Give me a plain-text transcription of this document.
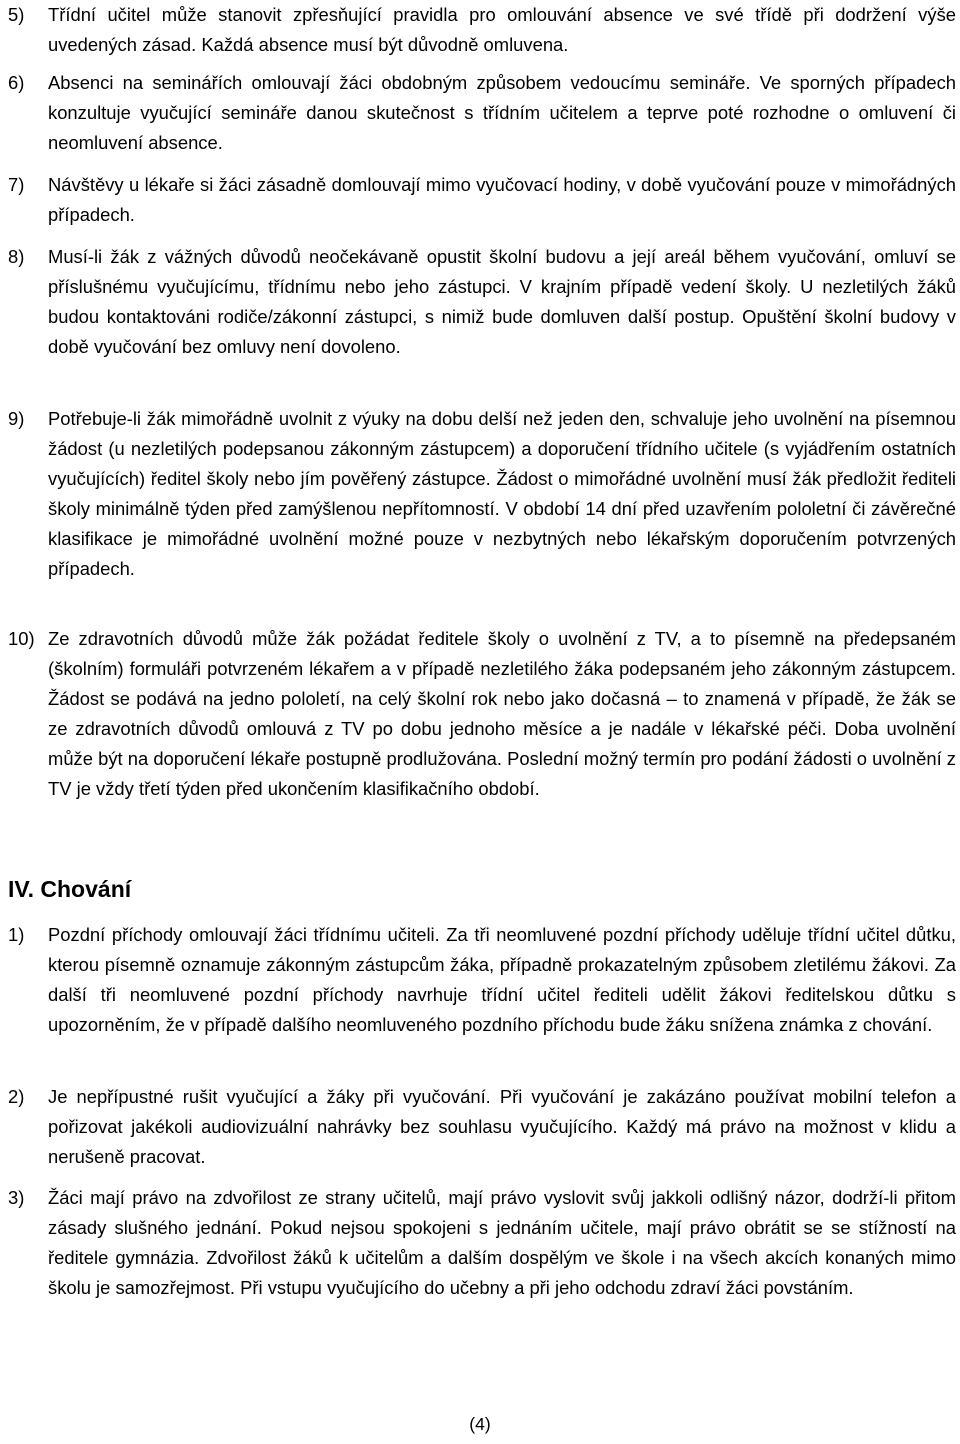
5)	Třídní učitel může stanovit zpřesňující pravidla pro omlouvání absence ve své třídě při dodržení výše uvedených zásad. Každá absence musí být důvodně omluvena.
6)	Absenci na seminářích omlouvají žáci obdobným způsobem vedoucímu semináře. Ve sporných případech konzultuje vyučující semináře danou skutečnost s třídním učitelem a teprve poté rozhodne o omluvení či neomluvení absence.
7)	Návštěvy u lékaře si žáci zásadně domlouvají mimo vyučovací hodiny, v době vyučování pouze v mimořádných případech.
8)	Musí-li žák z vážných důvodů neočekávaně opustit školní budovu a její areál během vyučování, omluví se příslušnému vyučujícímu, třídnímu nebo jeho zástupci. V krajním případě vedení školy. U nezletilých žáků budou kontaktováni rodiče/zákonní zástupci, s nimiž bude domluven další postup. Opuštění školní budovy v době vyučování bez omluvy není dovoleno.
9)	Potřebuje-li žák mimořádně uvolnit z výuky na dobu delší než jeden den, schvaluje jeho uvolnění na písemnou žádost (u nezletilých podepsanou zákonným zástupcem) a doporučení třídního učitele (s vyjádřením ostatních vyučujících) ředitel školy nebo jím pověřený zástupce. Žádost o mimořádné uvolnění musí žák předložit řediteli školy minimálně týden před zamýšlenou nepřítomností. V období 14 dní před uzavřením pololetní či závěrečné klasifikace je mimořádné uvolnění možné pouze v nezbytných nebo lékařským doporučením potvrzených případech.
10) Ze zdravotních důvodů může žák požádat ředitele školy o uvolnění z TV, a to písemně na předepsaném (školním) formuláři potvrzeném lékařem a v případě nezletilého žáka podepsaném jeho zákonným zástupcem. Žádost se podává na jedno pololetí, na celý školní rok nebo jako dočasná – to znamená v případě, že žák se ze zdravotních důvodů omlouvá z TV po dobu jednoho měsíce a je nadále v lékařské péči. Doba uvolnění může být na doporučení lékaře postupně prodlužována. Poslední možný termín pro podání žádosti o uvolnění z TV je vždy třetí týden před ukončením klasifikačního období.
IV. Chování
1)	Pozdní příchody omlouvají žáci třídnímu učiteli. Za tři neomluvené pozdní příchody uděluje třídní učitel důtku, kterou písemně oznamuje zákonným zástupcům žáka, případně prokazatelným způsobem zletilému žákovi. Za další tři neomluvené pozdní příchody navrhuje třídní učitel řediteli udělit žákovi ředitelskou důtku s upozorněním, že v případě dalšího neomluveného pozdního příchodu bude žáku snížena známka z chování.
2)	Je nepřípustné rušit vyučující a žáky při vyučování. Při vyučování je zakázáno používat mobilní telefon a pořizovat jakékoli audiovizuální nahrávky bez souhlasu vyučujícího. Každý má právo na možnost v klidu a nerušeně pracovat.
3)	Žáci mají právo na zdvořilost ze strany učitelů, mají právo vyslovit svůj jakkoli odlišný názor, dodrží-li přitom zásady slušného jednání. Pokud nejsou spokojeni s jednáním učitele, mají právo obrátit se se stížností na ředitele gymnázia. Zdvořilost žáků k učitelům a dalším dospělým ve škole i na všech akcích konaných mimo školu je samozřejmost. Při vstupu vyučujícího do učebny a při jeho odchodu zdraví žáci povstáním.
(4)
